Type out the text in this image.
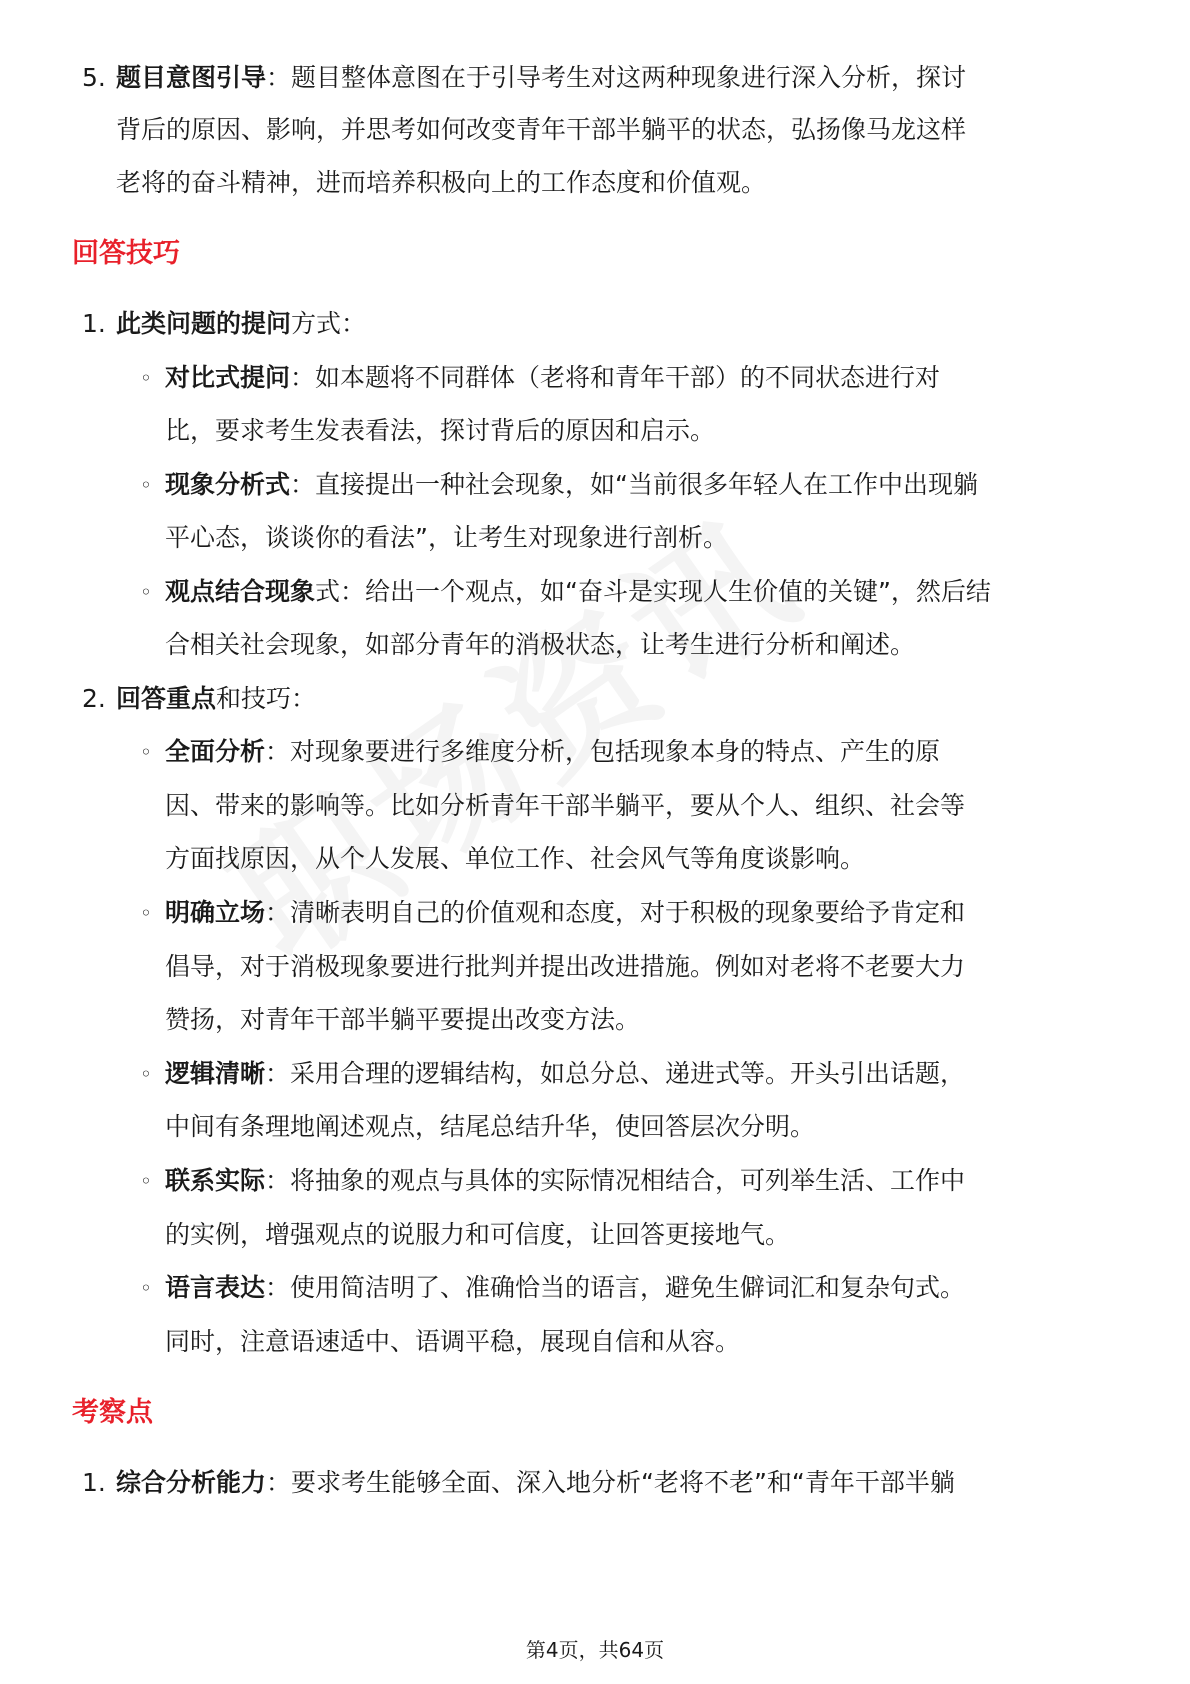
5. 题目意图引导：题目整体意图在于引导考生对这两种现象进行深入分析，探讨
背后的原因、影响，并思考如何改变青年干部半躺平的状态，弘扬像马龙这样
老将的奋斗精神，进而培养积极向上的工作态度和价值观。
回答技巧
1. 此类问题的提问方式：
◦ 对比式提问：如本题将不同群体（老将和青年干部）的不同状态进行对
比，要求考生发表看法，探讨背后的原因和启示。
◦ 现象分析式：直接提出一种社会现象，如“当前很多年轻人在工作中出现躺
平心态，谈谈你的看法”，让考生对现象进行剖析。
◦ 观点结合现象式：给出一个观点，如“奋斗是实现人生价值的关键”，然后结
合相关社会现象，如部分青年的消极状态，让考生进行分析和阐述。
2. 回答重点和技巧：
◦ 全面分析：对现象要进行多维度分析，包括现象本身的特点、产生的原
因、带来的影响等。比如分析青年干部半躺平，要从个人、组织、社会等
方面找原因，从个人发展、单位工作、社会风气等角度谈影响。
◦ 明确立场：清晰表明自己的价值观和态度，对于积极的现象要给予肯定和
倡导，对于消极现象要进行批判并提出改进措施。例如对老将不老要大力
赞扬，对青年干部半躺平要提出改变方法。
◦ 逻辑清晰：采用合理的逻辑结构，如总分总、递进式等。开头引出话题，
中间有条理地阐述观点，结尾总结升华，使回答层次分明。
◦ 联系实际：将抽象的观点与具体的实际情况相结合，可列举生活、工作中
的实例，增强观点的说服力和可信度，让回答更接地气。
◦ 语言表达：使用简洁明了、准确恰当的语言，避免生僻词汇和复杂句式。
同时，注意语速适中、语调平稳，展现自信和从容。
考察点
1. 综合分析能力：要求考生能够全面、深入地分析“老将不老”和“青年干部半躺
第4页，共64页
